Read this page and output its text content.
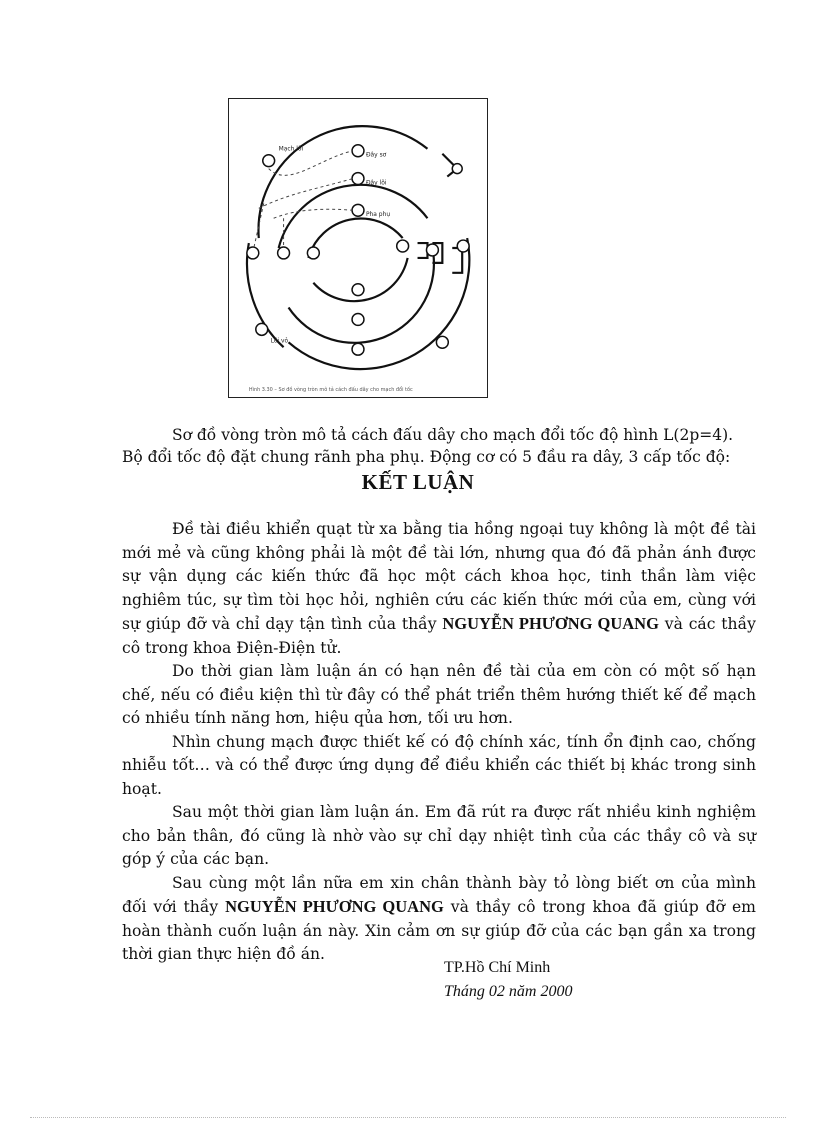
Mạch lõi
Đây sơ
Đây lõi
Pha phụ
Lõi vỏ
Hình 3.30 – Sơ đồ vòng tròn mô tả cách đấu dây cho mạch đổi tốc

Sơ đồ vòng tròn mô tả cách đấu dây cho mạch đổi tốc độ hình L(2p=4).

Bộ đổi tốc độ đặt chung rãnh pha phụ. Động cơ có 5 đầu ra dây, 3 cấp tốc độ:

KẾT LUẬN

Đề tài điều khiển quạt từ xa bằng tia hồng ngoại tuy không là một đề tài mới mẻ và cũng không phải là một đề tài lớn, nhưng qua đó đã phản ánh được sự vận dụng các kiến thức đã học một cách khoa học, tinh thần làm việc nghiêm túc, sự tìm tòi học hỏi, nghiên cứu các kiến thức mới của em, cùng với sự giúp đỡ và chỉ dạy tận tình của thầy NGUYỄN PHƯƠNG QUANG và các thầy cô trong khoa Điện-Điện tử.

Do thời gian làm luận án có hạn nên đề tài của em còn có một số hạn chế, nếu có điều kiện thì từ đây có thể phát triển thêm hướng thiết kế để mạch có nhiều tính năng hơn, hiệu qủa hơn, tối ưu hơn.

Nhìn chung mạch được thiết kế có độ chính xác, tính ổn định cao, chống nhiễu tốt… và có thể được ứng dụng để điều khiển các thiết bị khác trong sinh hoạt.

Sau một thời gian làm luận án. Em đã rút ra được rất nhiều kinh nghiệm cho bản thân, đó cũng là nhờ vào sự chỉ dạy nhiệt tình của các thầy cô và sự góp ý của các bạn.

Sau cùng một lần nữa em xin chân thành bày tỏ lòng biết ơn của mình đối với thầy NGUYỄN PHƯƠNG QUANG và thầy cô trong khoa đã giúp đỡ em hoàn thành cuốn luận án này. Xin cảm ơn sự giúp đỡ của các bạn gần xa trong thời gian thực hiện đồ án.

TP.Hồ Chí Minh
Tháng 02 năm 2000
